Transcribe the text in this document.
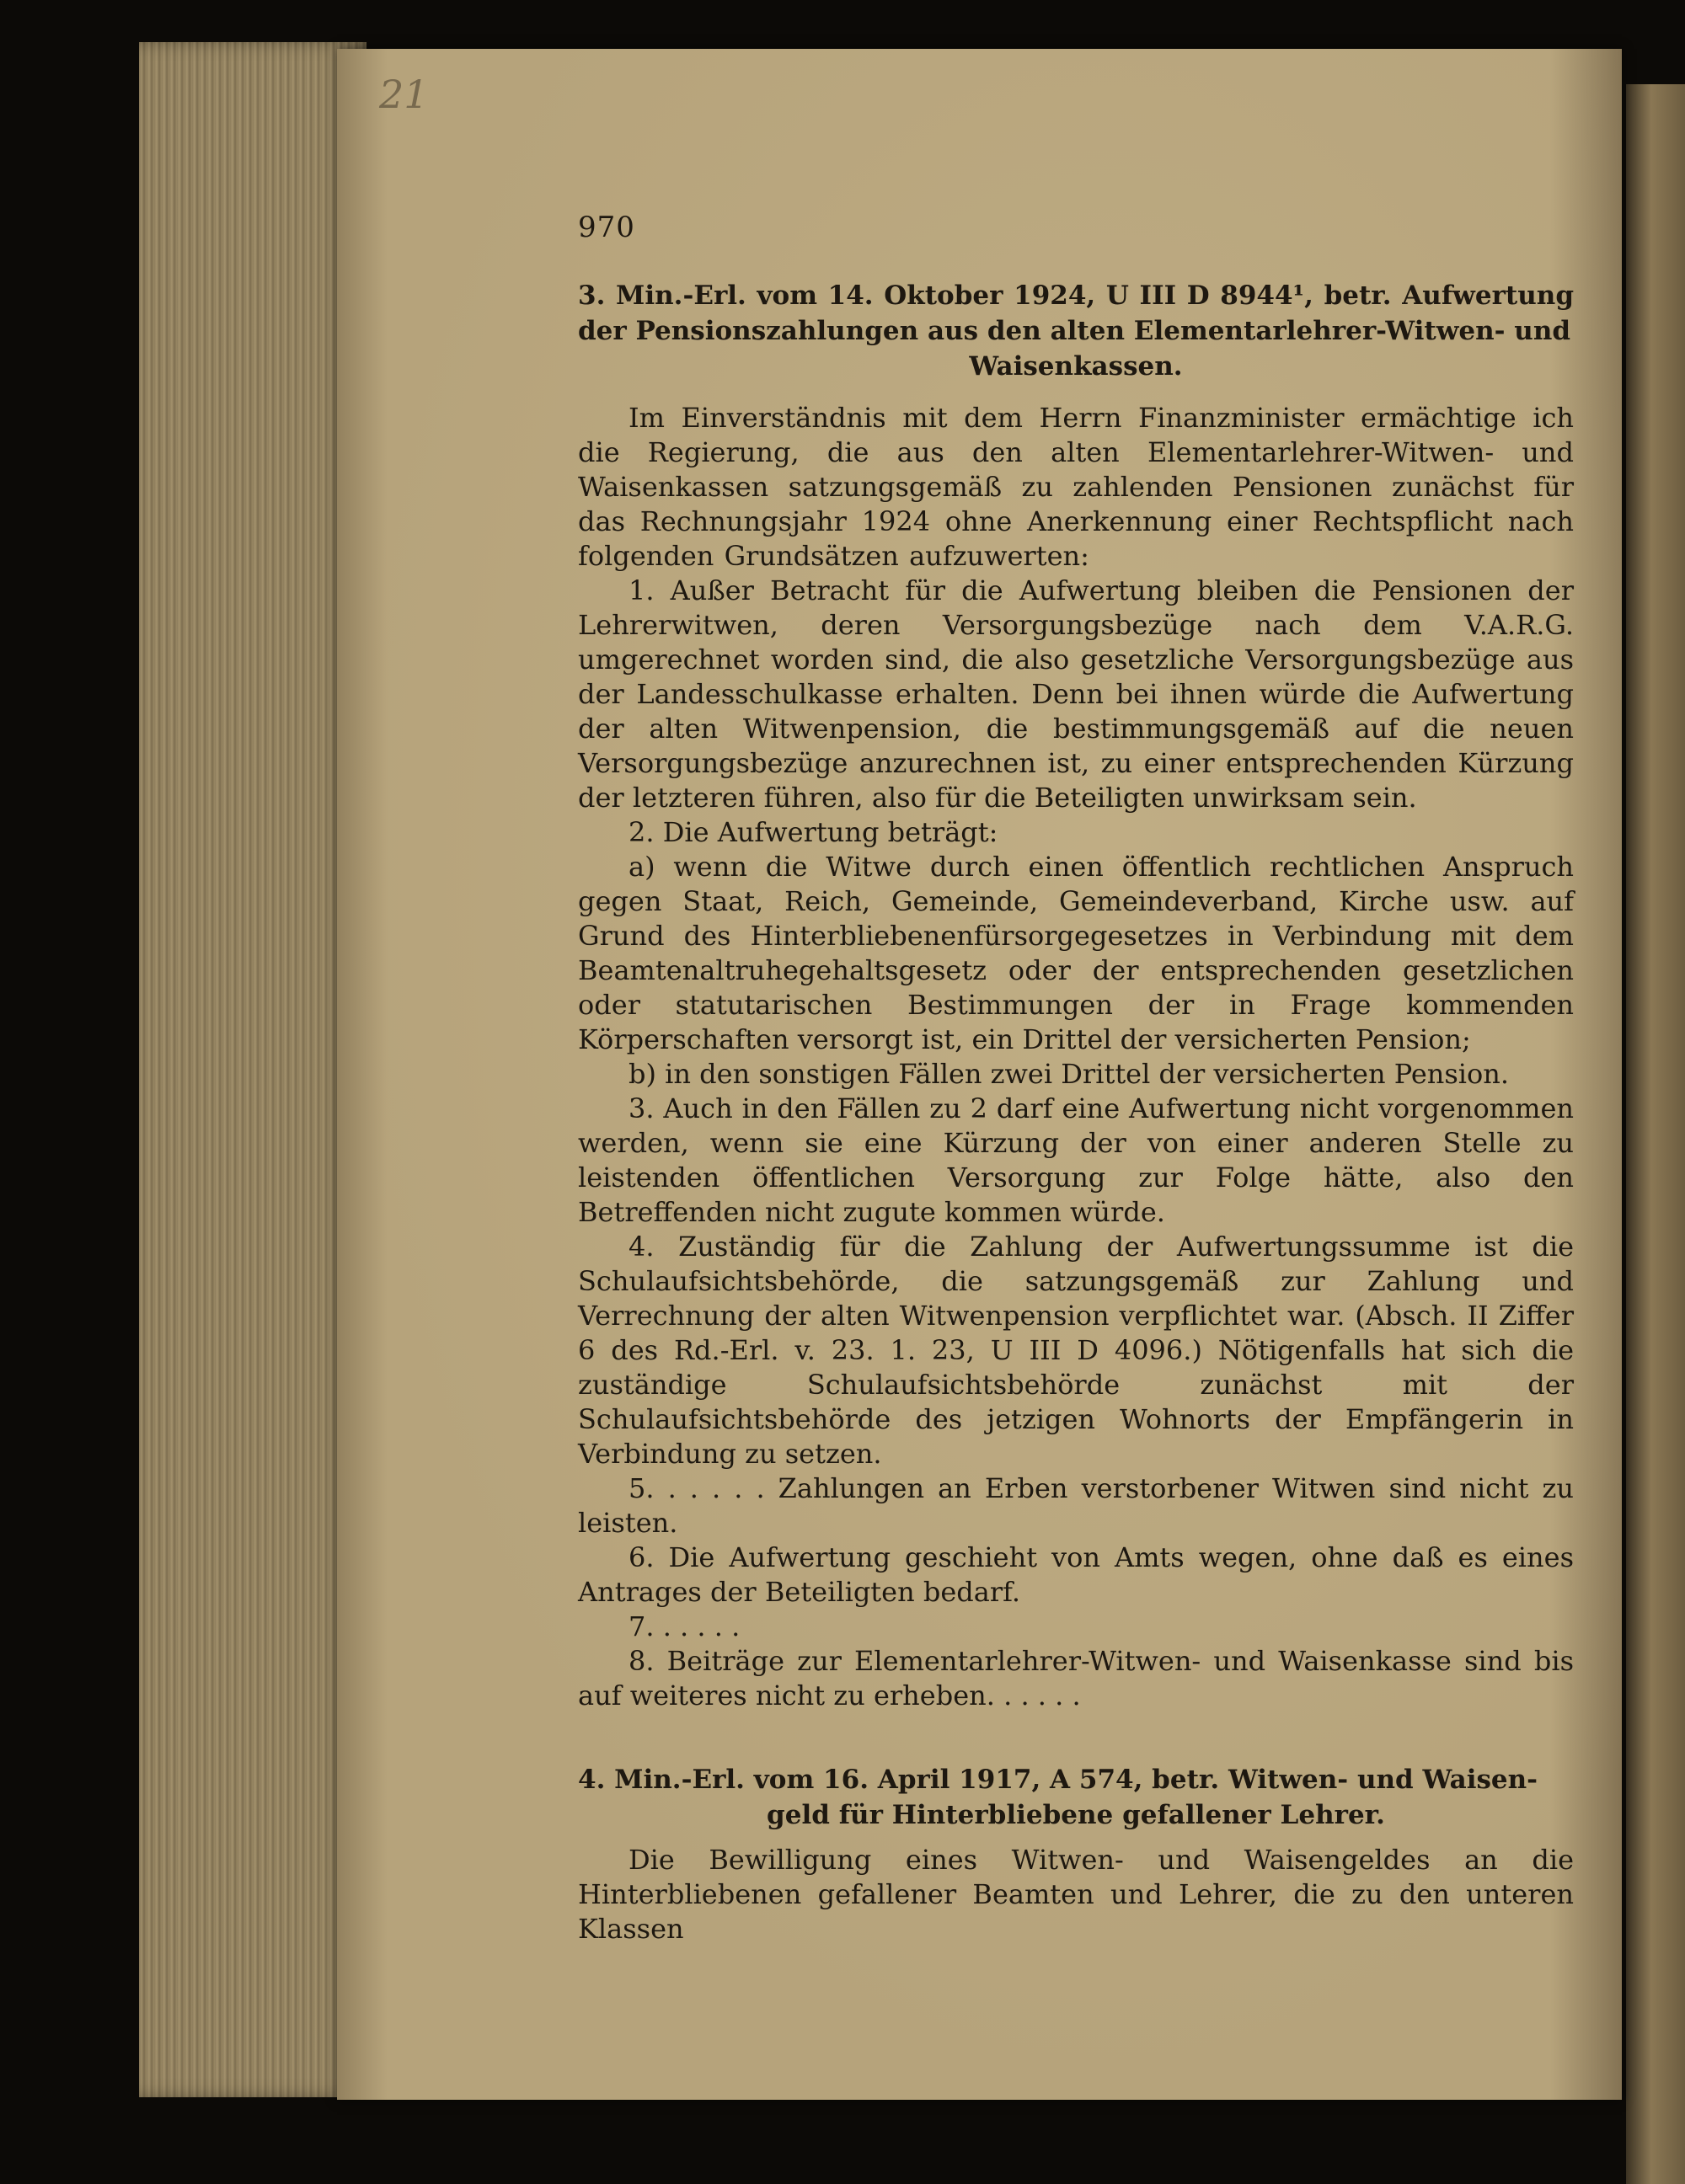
21
970
3. Min.-Erl. vom 14. Oktober 1924, U III D 8944¹, betr. Aufwertung der Pensionszahlungen aus den alten Elementarlehrer-Witwen- und
Waisenkassen.

Im Einverständnis mit dem Herrn Finanzminister ermächtige ich die Regierung, die aus den alten Elementarlehrer-Witwen- und Waisenkassen satzungsgemäß zu zahlenden Pensionen zunächst für das Rechnungsjahr 1924 ohne Anerkennung einer Rechtspflicht nach folgenden Grundsätzen aufzuwerten:

1. Außer Betracht für die Aufwertung bleiben die Pensionen der Lehrerwitwen, deren Versorgungsbezüge nach dem V.A.R.G. umgerechnet worden sind, die also gesetzliche Versorgungsbezüge aus der Landesschulkasse erhalten. Denn bei ihnen würde die Aufwertung der alten Witwenpension, die bestimmungsgemäß auf die neuen Versorgungsbezüge anzurechnen ist, zu einer entsprechenden Kürzung der letzteren führen, also für die Beteiligten unwirksam sein.

2. Die Aufwertung beträgt:

a) wenn die Witwe durch einen öffentlich rechtlichen Anspruch gegen Staat, Reich, Gemeinde, Gemeindeverband, Kirche usw. auf Grund des Hinterbliebenenfürsorgegesetzes in Verbindung mit dem Beamtenaltruhegehaltsgesetz oder der entsprechenden gesetzlichen oder statutarischen Bestimmungen der in Frage kommenden Körperschaften versorgt ist, ein Drittel der versicherten Pension;

b) in den sonstigen Fällen zwei Drittel der versicherten Pension.

3. Auch in den Fällen zu 2 darf eine Aufwertung nicht vorgenommen werden, wenn sie eine Kürzung der von einer anderen Stelle zu leistenden öffentlichen Versorgung zur Folge hätte, also den Betreffenden nicht zugute kommen würde.

4. Zuständig für die Zahlung der Aufwertungssumme ist die Schulaufsichtsbehörde, die satzungsgemäß zur Zahlung und Verrechnung der alten Witwenpension verpflichtet war. (Absch. II Ziffer 6 des Rd.-Erl. v. 23. 1. 23, U III D 4096.) Nötigenfalls hat sich die zuständige Schulaufsichtsbehörde zunächst mit der Schulaufsichtsbehörde des jetzigen Wohnorts der Empfängerin in Verbindung zu setzen.

5. . . . . . Zahlungen an Erben verstorbener Witwen sind nicht zu leisten.

6. Die Aufwertung geschieht von Amts wegen, ohne daß es eines Antrages der Beteiligten bedarf.

7. . . . . .

8. Beiträge zur Elementarlehrer-Witwen- und Waisenkasse sind bis auf weiteres nicht zu erheben. . . . . .

4. Min.-Erl. vom 16. April 1917, A 574, betr. Witwen- und Waisen-
geld für Hinterbliebene gefallener Lehrer.

Die Bewilligung eines Witwen- und Waisengeldes an die Hinterbliebenen gefallener Beamten und Lehrer, die zu den unteren Klassen
